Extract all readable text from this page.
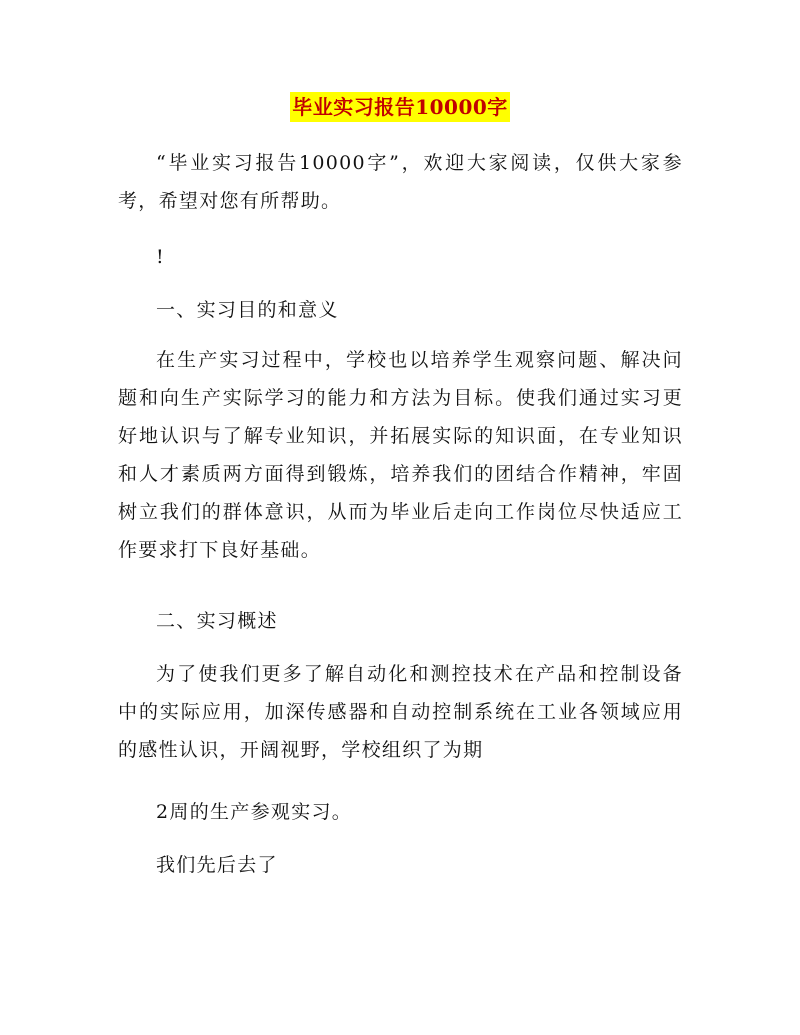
毕业实习报告10000字

“毕业实习报告10000字”，欢迎大家阅读，仅供大家参考，希望对您有所帮助。

!

一、实习目的和意义

在生产实习过程中，学校也以培养学生观察问题、解决问题和向生产实际学习的能力和方法为目标。使我们通过实习更好地认识与了解专业知识，并拓展实际的知识面，在专业知识和人才素质两方面得到锻炼，培养我们的团结合作精神，牢固树立我们的群体意识，从而为毕业后走向工作岗位尽快适应工作要求打下良好基础。

二、实习概述

为了使我们更多了解自动化和测控技术在产品和控制设备中的实际应用，加深传感器和自动控制系统在工业各领域应用的感性认识，开阔视野，学校组织了为期

2周的生产参观实习。

我们先后去了
